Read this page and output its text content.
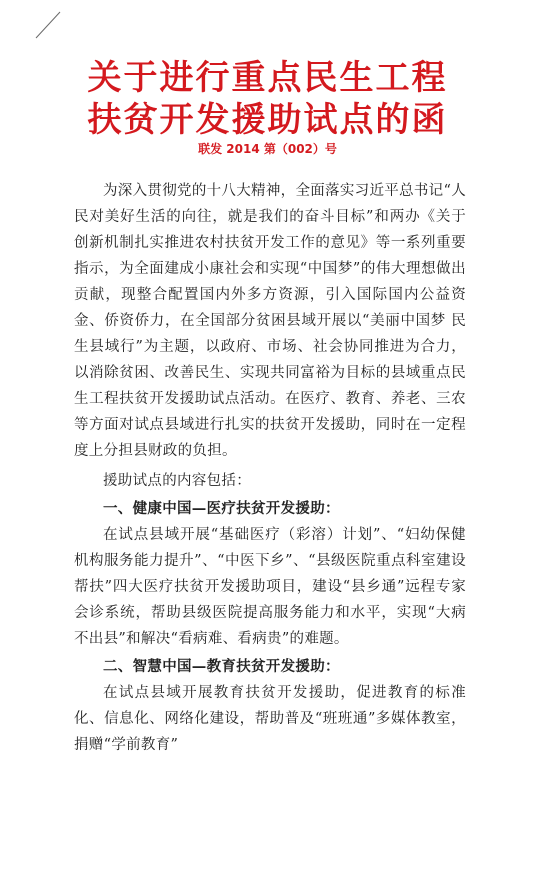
关于进行重点民生工程
扶贫开发援助试点的函
联发 2014 第（002）号

为深入贯彻党的十八大精神，全面落实习近平总书记“人民对美好生活的向往，就是我们的奋斗目标”和两办《关于创新机制扎实推进农村扶贫开发工作的意见》等一系列重要指示，为全面建成小康社会和实现“中国梦”的伟大理想做出贡献，现整合配置国内外多方资源，引入国际国内公益资金、侨资侨力，在全国部分贫困县域开展以“美丽中国梦 民生县域行”为主题，以政府、市场、社会协同推进为合力，以消除贫困、改善民生、实现共同富裕为目标的县域重点民生工程扶贫开发援助试点活动。在医疗、教育、养老、三农等方面对试点县域进行扎实的扶贫开发援助，同时在一定程度上分担县财政的负担。

援助试点的内容包括：

一、健康中国—医疗扶贫开发援助：

在试点县域开展“基础医疗（彩溶）计划”、“妇幼保健机构服务能力提升”、“中医下乡”、“县级医院重点科室建设帮扶”四大医疗扶贫开发援助项目，建设“县乡通”远程专家会诊系统，帮助县级医院提高服务能力和水平，实现“大病不出县”和解决“看病难、看病贵”的难题。

二、智慧中国—教育扶贫开发援助：

在试点县域开展教育扶贫开发援助，促进教育的标准化、信息化、网络化建设，帮助普及“班班通”多媒体教室，捐赠“学前教育”
